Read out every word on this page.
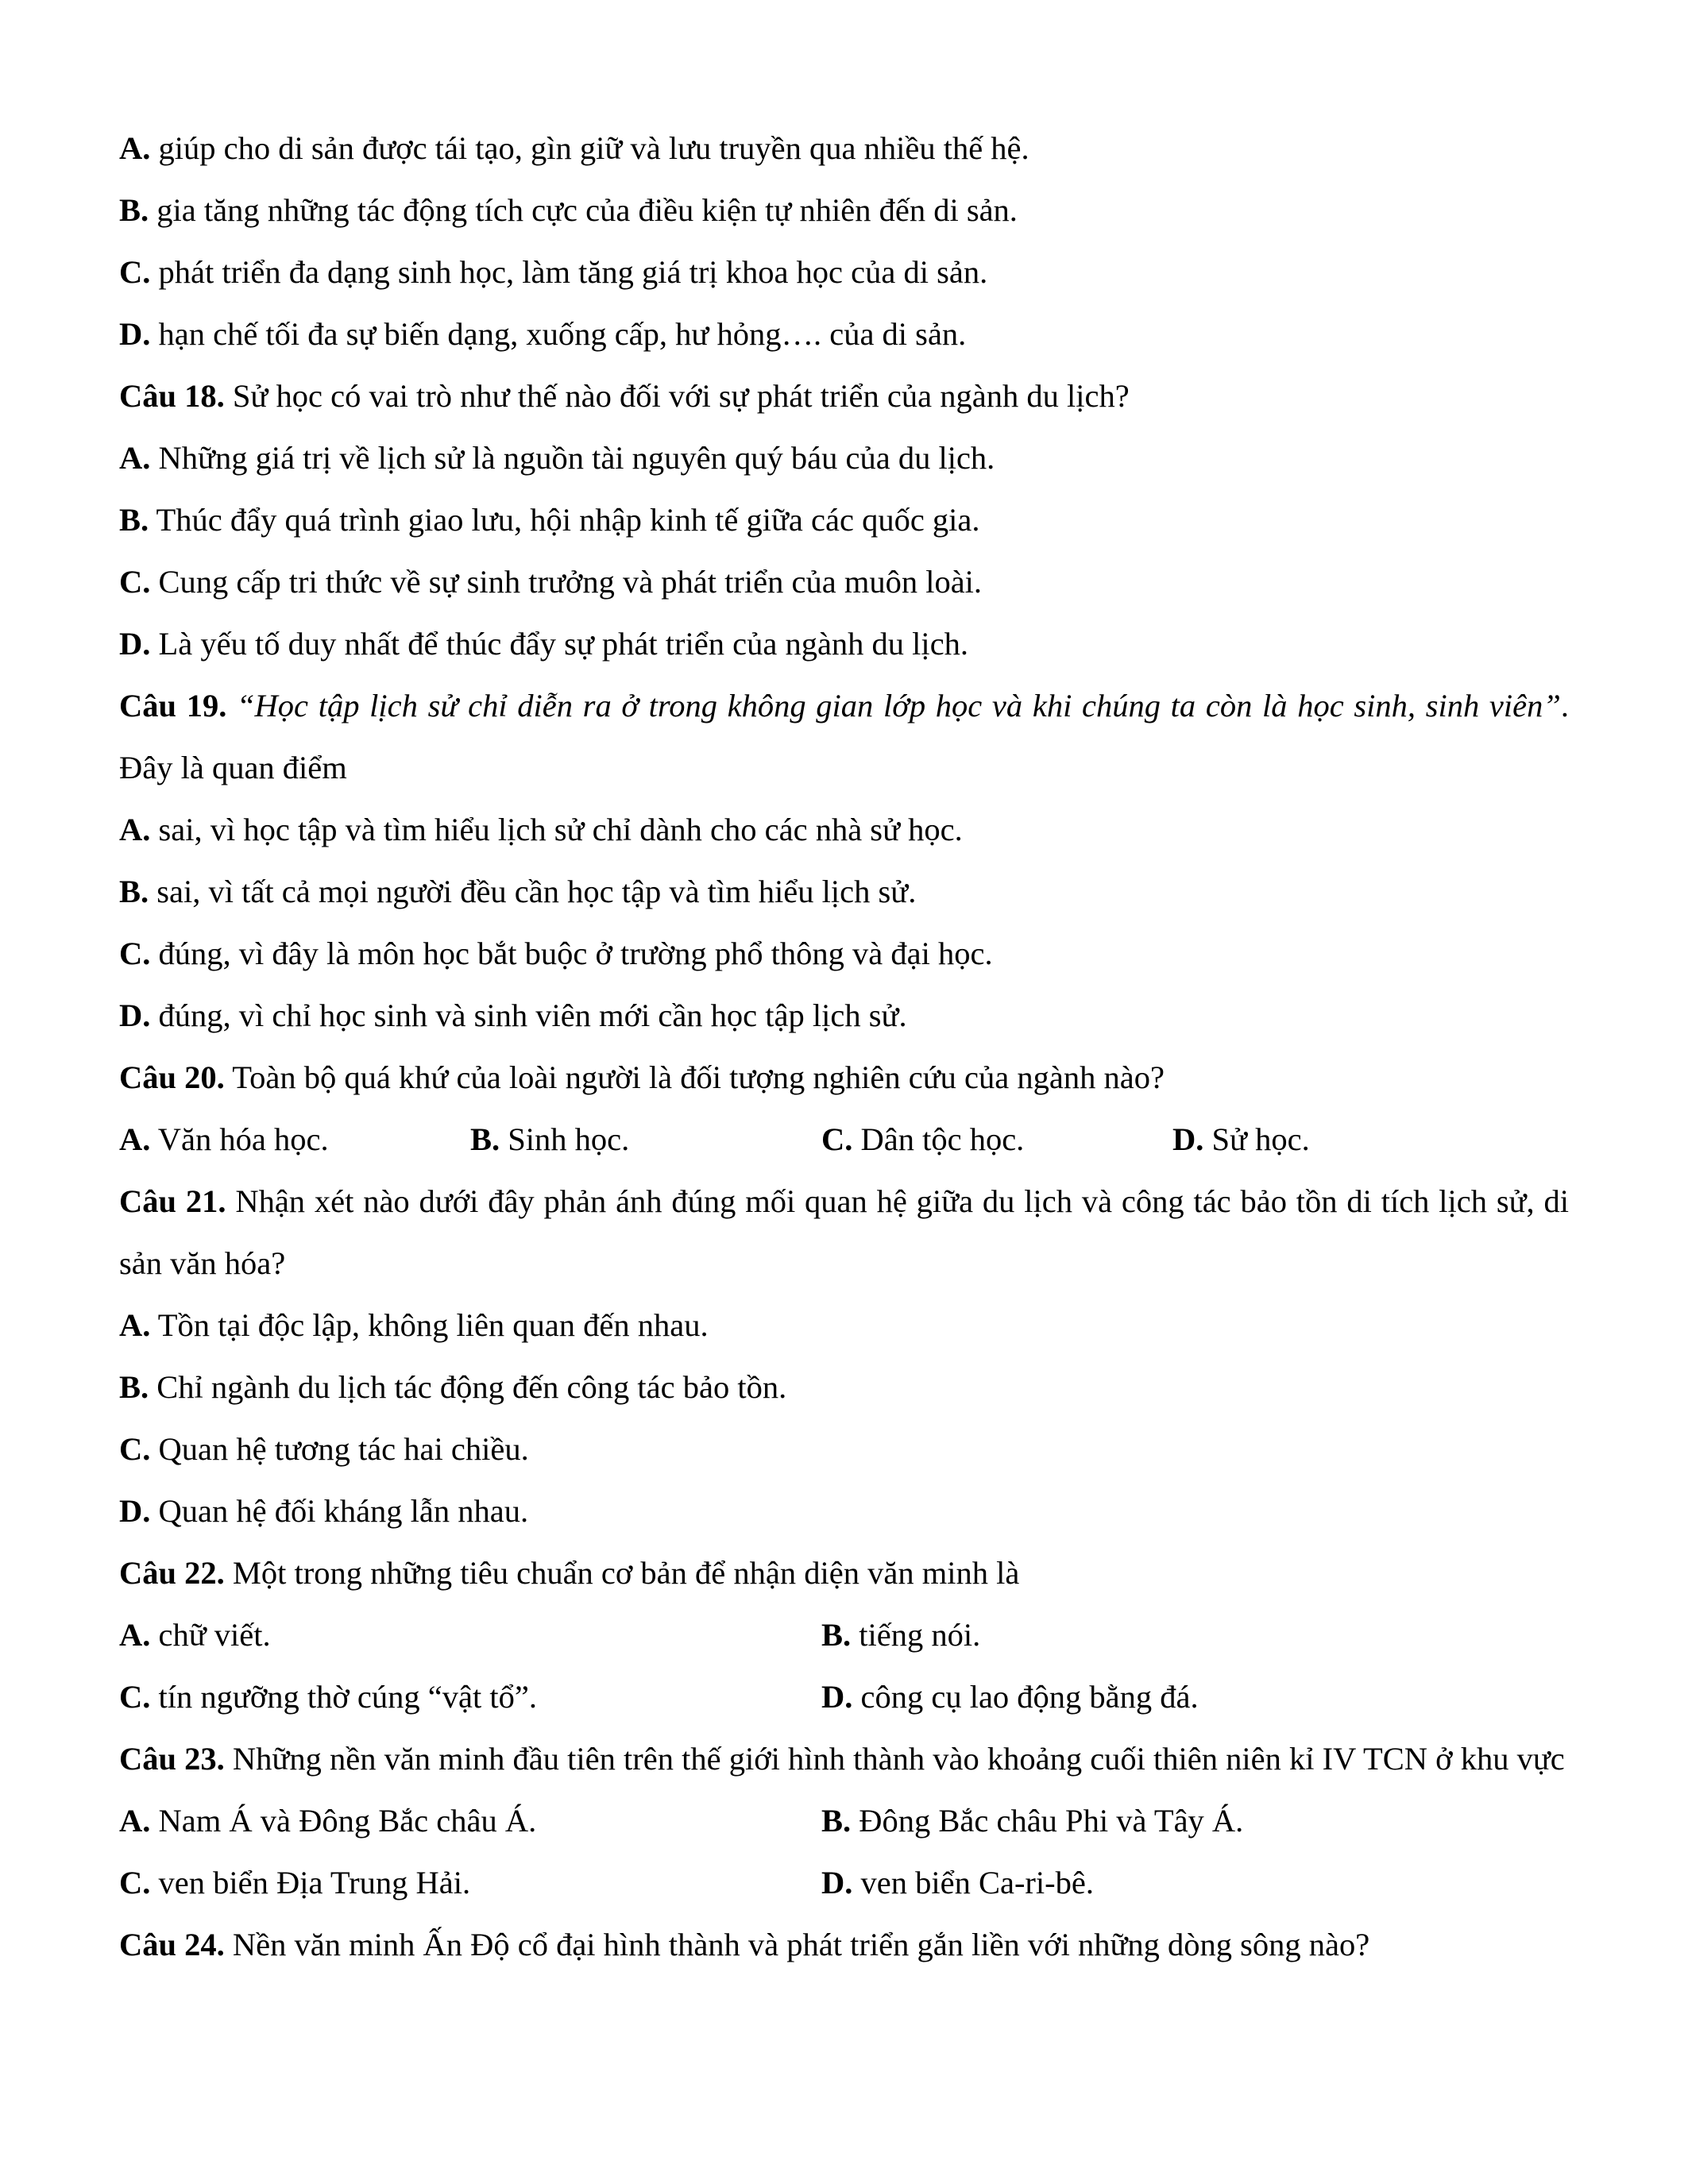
A. giúp cho di sản được tái tạo, gìn giữ và lưu truyền qua nhiều thế hệ.
B. gia tăng những tác động tích cực của điều kiện tự nhiên đến di sản.
C. phát triển đa dạng sinh học, làm tăng giá trị khoa học của di sản.
D. hạn chế tối đa sự biến dạng, xuống cấp, hư hỏng…. của di sản.
Câu 18. Sử học có vai trò như thế nào đối với sự phát triển của ngành du lịch?
A. Những giá trị về lịch sử là nguồn tài nguyên quý báu của du lịch.
B. Thúc đẩy quá trình giao lưu, hội nhập kinh tế giữa các quốc gia.
C. Cung cấp tri thức về sự sinh trưởng và phát triển của muôn loài.
D. Là yếu tố duy nhất để thúc đẩy sự phát triển của ngành du lịch.
Câu 19. “Học tập lịch sử chỉ diễn ra ở trong không gian lớp học và khi chúng ta còn là học sinh, sinh viên”. Đây là quan điểm
A. sai, vì học tập và tìm hiểu lịch sử chỉ dành cho các nhà sử học.
B. sai, vì tất cả mọi người đều cần học tập và tìm hiểu lịch sử.
C. đúng, vì đây là môn học bắt buộc ở trường phổ thông và đại học.
D. đúng, vì chỉ học sinh và sinh viên mới cần học tập lịch sử.
Câu 20. Toàn bộ quá khứ của loài người là đối tượng nghiên cứu của ngành nào?
A. Văn hóa học.	B. Sinh học.	C. Dân tộc học.	D. Sử học.
Câu 21. Nhận xét nào dưới đây phản ánh đúng mối quan hệ giữa du lịch và công tác bảo tồn di tích lịch sử, di sản văn hóa?
A. Tồn tại độc lập, không liên quan đến nhau.
B. Chỉ ngành du lịch tác động đến công tác bảo tồn.
C. Quan hệ tương tác hai chiều.
D. Quan hệ đối kháng lẫn nhau.
Câu 22. Một trong những tiêu chuẩn cơ bản để nhận diện văn minh là
A. chữ viết.	B. tiếng nói.
C. tín ngưỡng thờ cúng “vật tổ”.	D. công cụ lao động bằng đá.
Câu 23. Những nền văn minh đầu tiên trên thế giới hình thành vào khoảng cuối thiên niên kỉ IV TCN ở khu vực
A. Nam Á và Đông Bắc châu Á.	B. Đông Bắc châu Phi và Tây Á.
C. ven biển Địa Trung Hải.	D. ven biển Ca-ri-bê.
Câu 24. Nền văn minh Ấn Độ cổ đại hình thành và phát triển gắn liền với những dòng sông nào?
